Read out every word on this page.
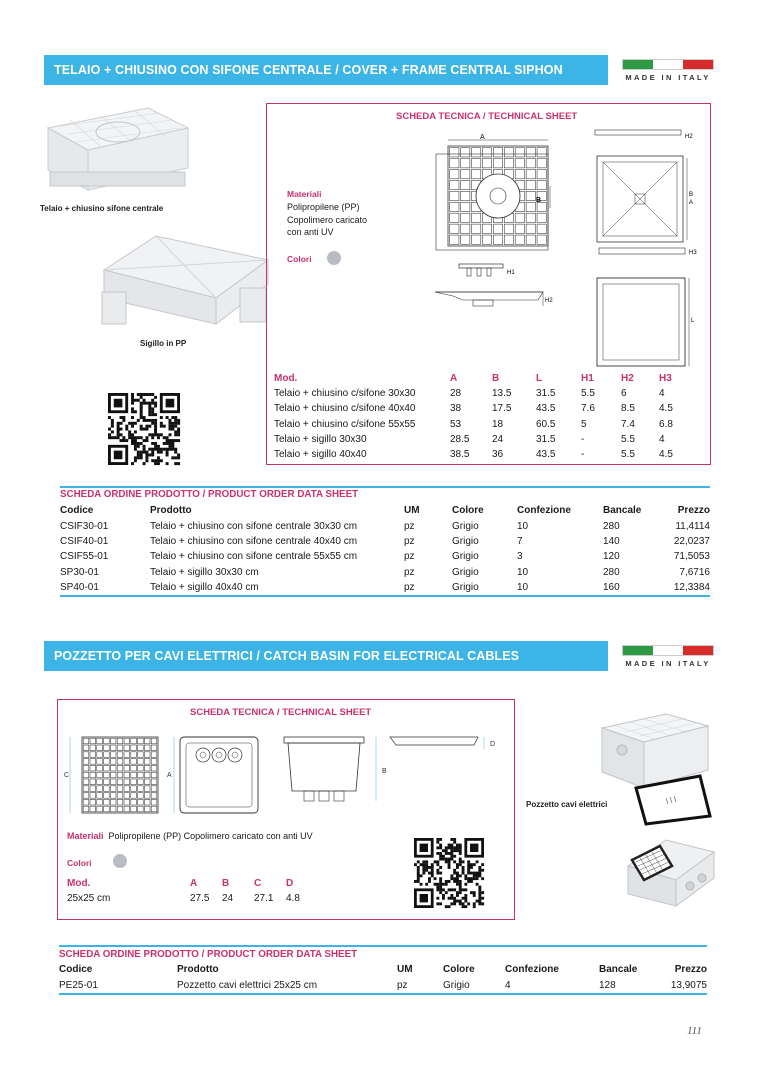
TELAIO + CHIUSINO CON SIFONE CENTRALE / COVER + FRAME CENTRAL SIPHON
MADE IN ITALY
Telaio + chiusino sifone centrale
Sigillo in PP
SCHEDA TECNICA / TECHNICAL SHEET
Materiali
Polipropilene (PP)
Copolimero caricato
con anti UV
Colori
A
B
H1
H2
H2
B
A
H3
L
Mod.	A	B	L	H1	H2	H3
Telaio + chiusino c/sifone 30x30	28	13.5	31.5	5.5	6	4
Telaio + chiusino c/sifone 40x40	38	17.5	43.5	7.6	8.5	4.5
Telaio + chiusino c/sifone 55x55	53	18	60.5	5	7.4	6.8
Telaio + sigillo 30x30	28.5	24	31.5	-	5.5	4
Telaio + sigillo 40x40	38.5	36	43.5	-	5.5	4.5
SCHEDA ORDINE PRODOTTO / PRODUCT ORDER DATA SHEET
Codice	Prodotto	UM	Colore	Confezione	Bancale	Prezzo
CSIF30-01	Telaio + chiusino con sifone centrale 30x30 cm	pz	Grigio	10	280	11,4114
CSIF40-01	Telaio + chiusino con sifone centrale 40x40 cm	pz	Grigio	7	140	22,0237
CSIF55-01	Telaio + chiusino con sifone centrale 55x55 cm	pz	Grigio	3	120	71,5053
SP30-01	Telaio + sigillo 30x30 cm	pz	Grigio	10	280	7,6716
SP40-01	Telaio + sigillo 40x40 cm	pz	Grigio	10	160	12,3384
POZZETTO PER CAVI ELETTRICI / CATCH BASIN FOR ELECTRICAL CABLES
MADE IN ITALY
SCHEDA TECNICA / TECHNICAL SHEET
C	A
B
D
Materiali Polipropilene (PP) Copolimero caricato con anti UV
Colori
Mod.	A	B	C	D
25x25 cm	27.5	24	27.1	4.8
Pozzetto cavi elettrici
SCHEDA ORDINE PRODOTTO / PRODUCT ORDER DATA SHEET
Codice	Prodotto	UM	Colore	Confezione	Bancale	Prezzo
PE25-01	Pozzetto cavi elettrici 25x25 cm	pz	Grigio	4	128	13,9075
111
